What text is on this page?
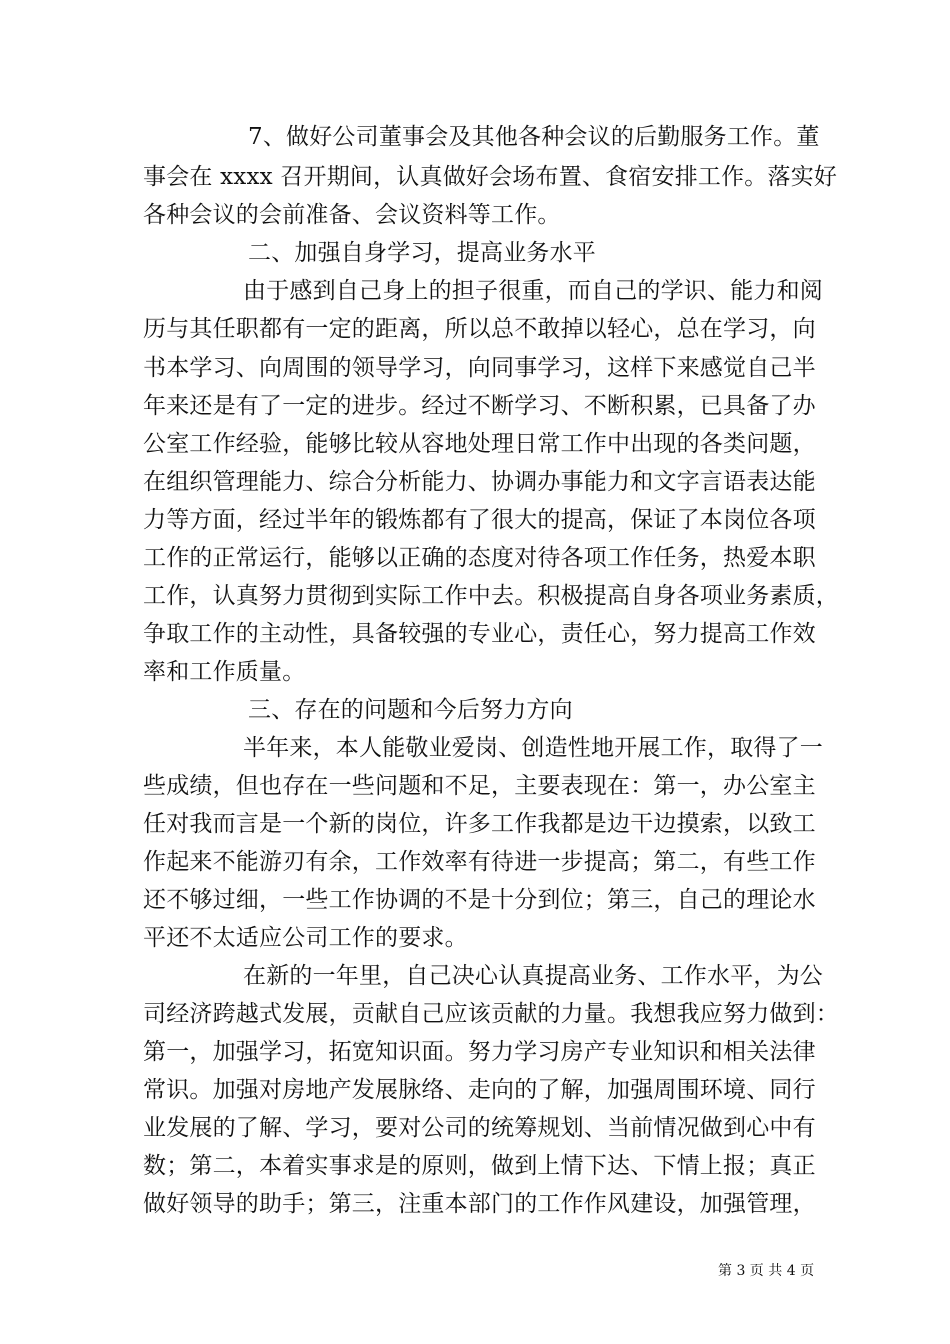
7、做好公司董事会及其他各种会议的后勤服务工作。董
事会在 xxxx 召开期间，认真做好会场布置、食宿安排工作。落实好
各种会议的会前准备、会议资料等工作。
二、加强自身学习，提高业务水平
由于感到自己身上的担子很重，而自己的学识、能力和阅
历与其任职都有一定的距离，所以总不敢掉以轻心，总在学习，向
书本学习、向周围的领导学习，向同事学习，这样下来感觉自己半
年来还是有了一定的进步。经过不断学习、不断积累，已具备了办
公室工作经验，能够比较从容地处理日常工作中出现的各类问题，
在组织管理能力、综合分析能力、协调办事能力和文字言语表达能
力等方面，经过半年的锻炼都有了很大的提高，保证了本岗位各项
工作的正常运行，能够以正确的态度对待各项工作任务，热爱本职
工作，认真努力贯彻到实际工作中去。积极提高自身各项业务素质，
争取工作的主动性，具备较强的专业心，责任心，努力提高工作效
率和工作质量。
三、存在的问题和今后努力方向
半年来，本人能敬业爱岗、创造性地开展工作，取得了一
些成绩，但也存在一些问题和不足，主要表现在：第一，办公室主
任对我而言是一个新的岗位，许多工作我都是边干边摸索，以致工
作起来不能游刃有余，工作效率有待进一步提高；第二，有些工作
还不够过细，一些工作协调的不是十分到位；第三，自己的理论水
平还不太适应公司工作的要求。
在新的一年里，自己决心认真提高业务、工作水平，为公
司经济跨越式发展，贡献自己应该贡献的力量。我想我应努力做到：
第一，加强学习，拓宽知识面。努力学习房产专业知识和相关法律
常识。加强对房地产发展脉络、走向的了解，加强周围环境、同行
业发展的了解、学习，要对公司的统筹规划、当前情况做到心中有
数；第二，本着实事求是的原则，做到上情下达、下情上报；真正
做好领导的助手；第三，注重本部门的工作作风建设，加强管理，
第 3 页 共 4 页
